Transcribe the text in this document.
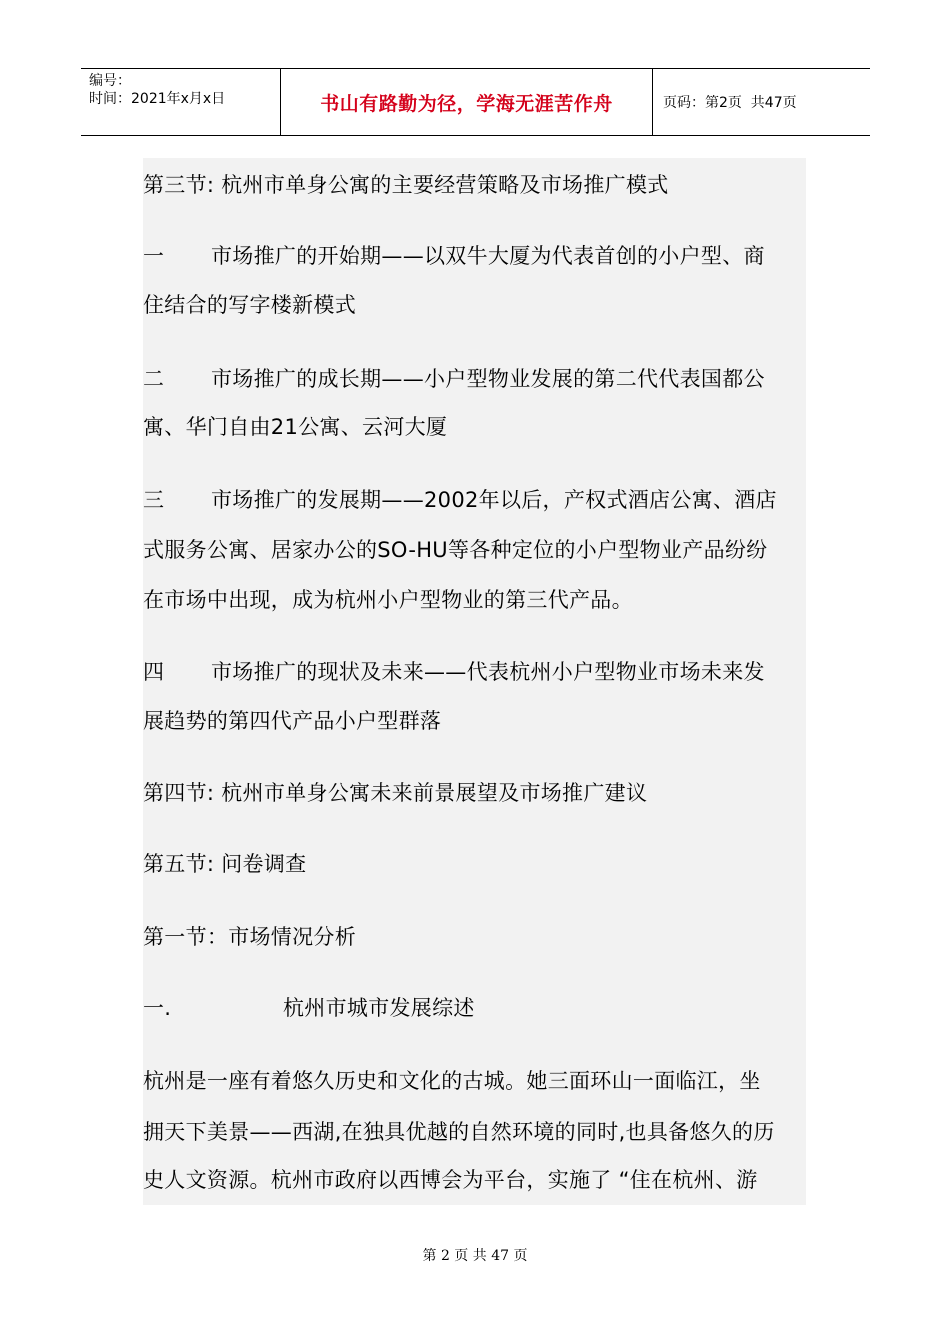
编号：
时间：2021年x月x日	书山有路勤为径，学海无涯苦作舟	页码：第2页  共47页
第三节: 杭州市单身公寓的主要经营策略及市场推广模式
一 市场推广的开始期——以双牛大厦为代表首创的小户型、商
住结合的写字楼新模式
二 市场推广的成长期——小户型物业发展的第二代代表国都公
寓、华门自由21公寓、云河大厦
三 市场推广的发展期——2002年以后，产权式酒店公寓、酒店
式服务公寓、居家办公的SO-HU等各种定位的小户型物业产品纷纷
在市场中出现，成为杭州小户型物业的第三代产品。
四 市场推广的现状及未来——代表杭州小户型物业市场未来发
展趋势的第四代产品小户型群落
第四节: 杭州市单身公寓未来前景展望及市场推广建议
第五节: 问卷调查
第一节：市场情况分析
一.	杭州市城市发展综述
杭州是一座有着悠久历史和文化的古城。她三面环山一面临江，坐
拥天下美景——西湖,在独具优越的自然环境的同时,也具备悠久的历
史人文资源。杭州市政府以西博会为平台，实施了 “住在杭州、游
第 2 页 共 47 页
